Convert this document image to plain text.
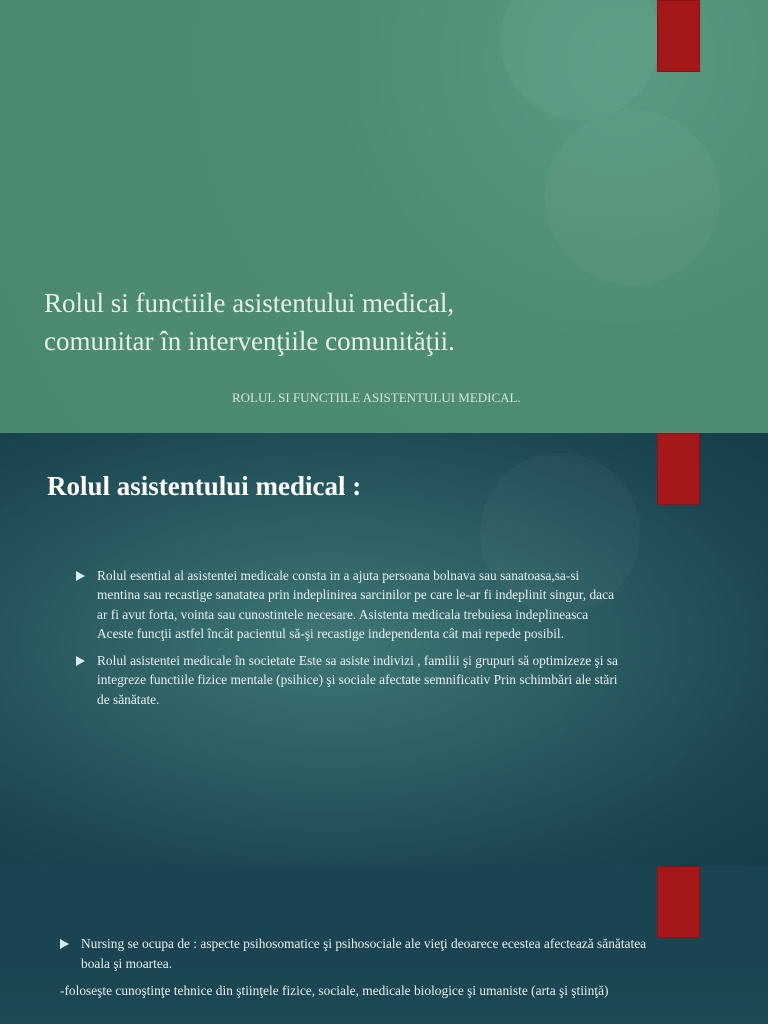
Rolul si functiile asistentului medical,
comunitar în intervenţiile comunităţii.

ROLUL SI FUNCTIILE ASISTENTULUI MEDICAL.

Rolul asistentului medical :
Rolul esential al asistentei medicale consta in a ajuta persoana bolnava sau sanatoasa,sa-si mentina sau recastige sanatatea prin indeplinirea sarcinilor pe care le-ar fi indeplinit singur, daca ar fi avut forta, vointa sau cunostintele necesare. Asistenta medicala trebuiesa indeplineasca Aceste funcţii astfel încât pacientul să-şi recastige independenta cât mai repede posibil.
Rolul asistentei medicale în societate Este sa asiste indivizi , familii şi grupuri să optimizeze şi sa integreze functiile fizice mentale (psihice) şi sociale afectate semnificativ Prin schimbări ale stări de sănătate.
Nursing se ocupa de : aspecte psihosomatice şi psihosociale ale vieţi deoarece ecestea afectează sănătatea boala şi moartea.

-foloseşte cunoştinţe tehnice din ştiinţele fizice, sociale, medicale biologice şi umaniste (arta şi ştiinţă)
